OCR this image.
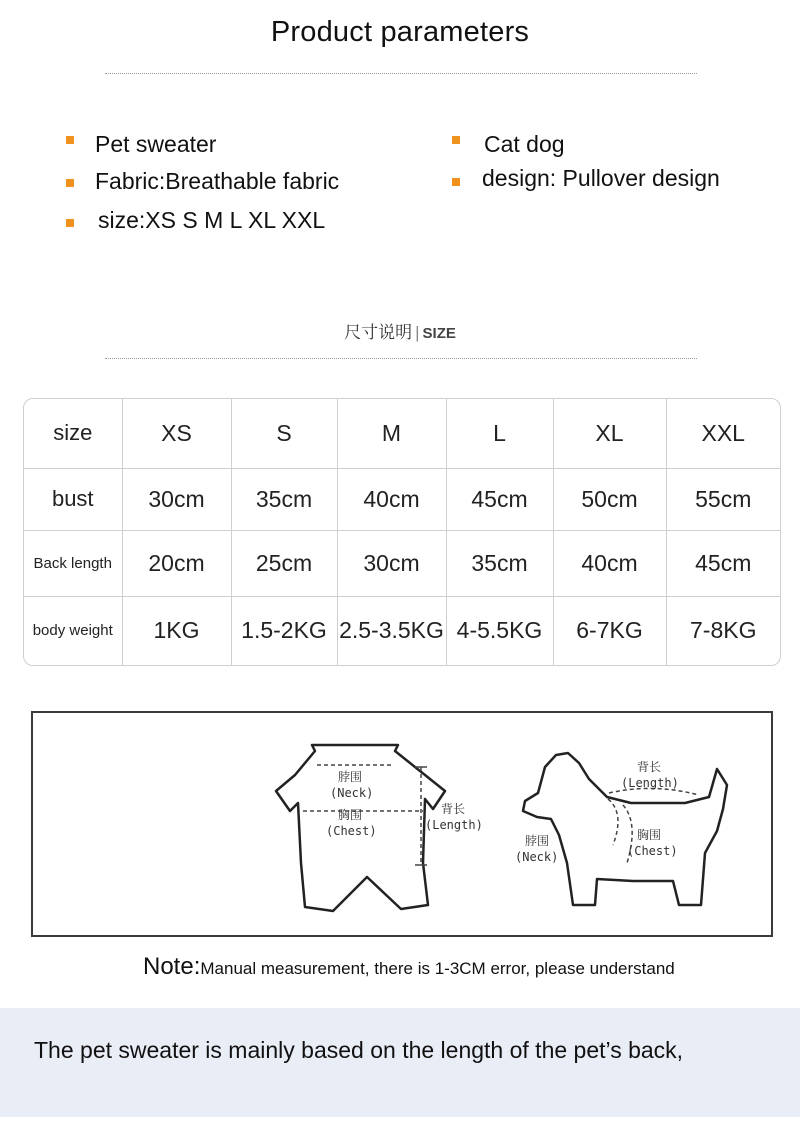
Product parameters
Pet sweater
Fabric:Breathable fabric
size:XS S M L XL XXL
Cat dog
design: Pullover design
尺寸说明 | SIZE
size	XS	S	M	L	XL	XXL
bust	30cm	35cm	40cm	45cm	50cm	55cm
Back length	20cm	25cm	30cm	35cm	40cm	45cm
body weight	1KG	1.5-2KG	2.5-3.5KG	4-5.5KG	6-7KG	7-8KG
脖围
(Neck)
胸围
(Chest)
背长
(Length)
背长
(Length)
脖围
(Neck)
胸围
(Chest)
Note:Manual measurement, there is 1-3CM error, please understand
The pet sweater is mainly based on the length of the pet’s back,
